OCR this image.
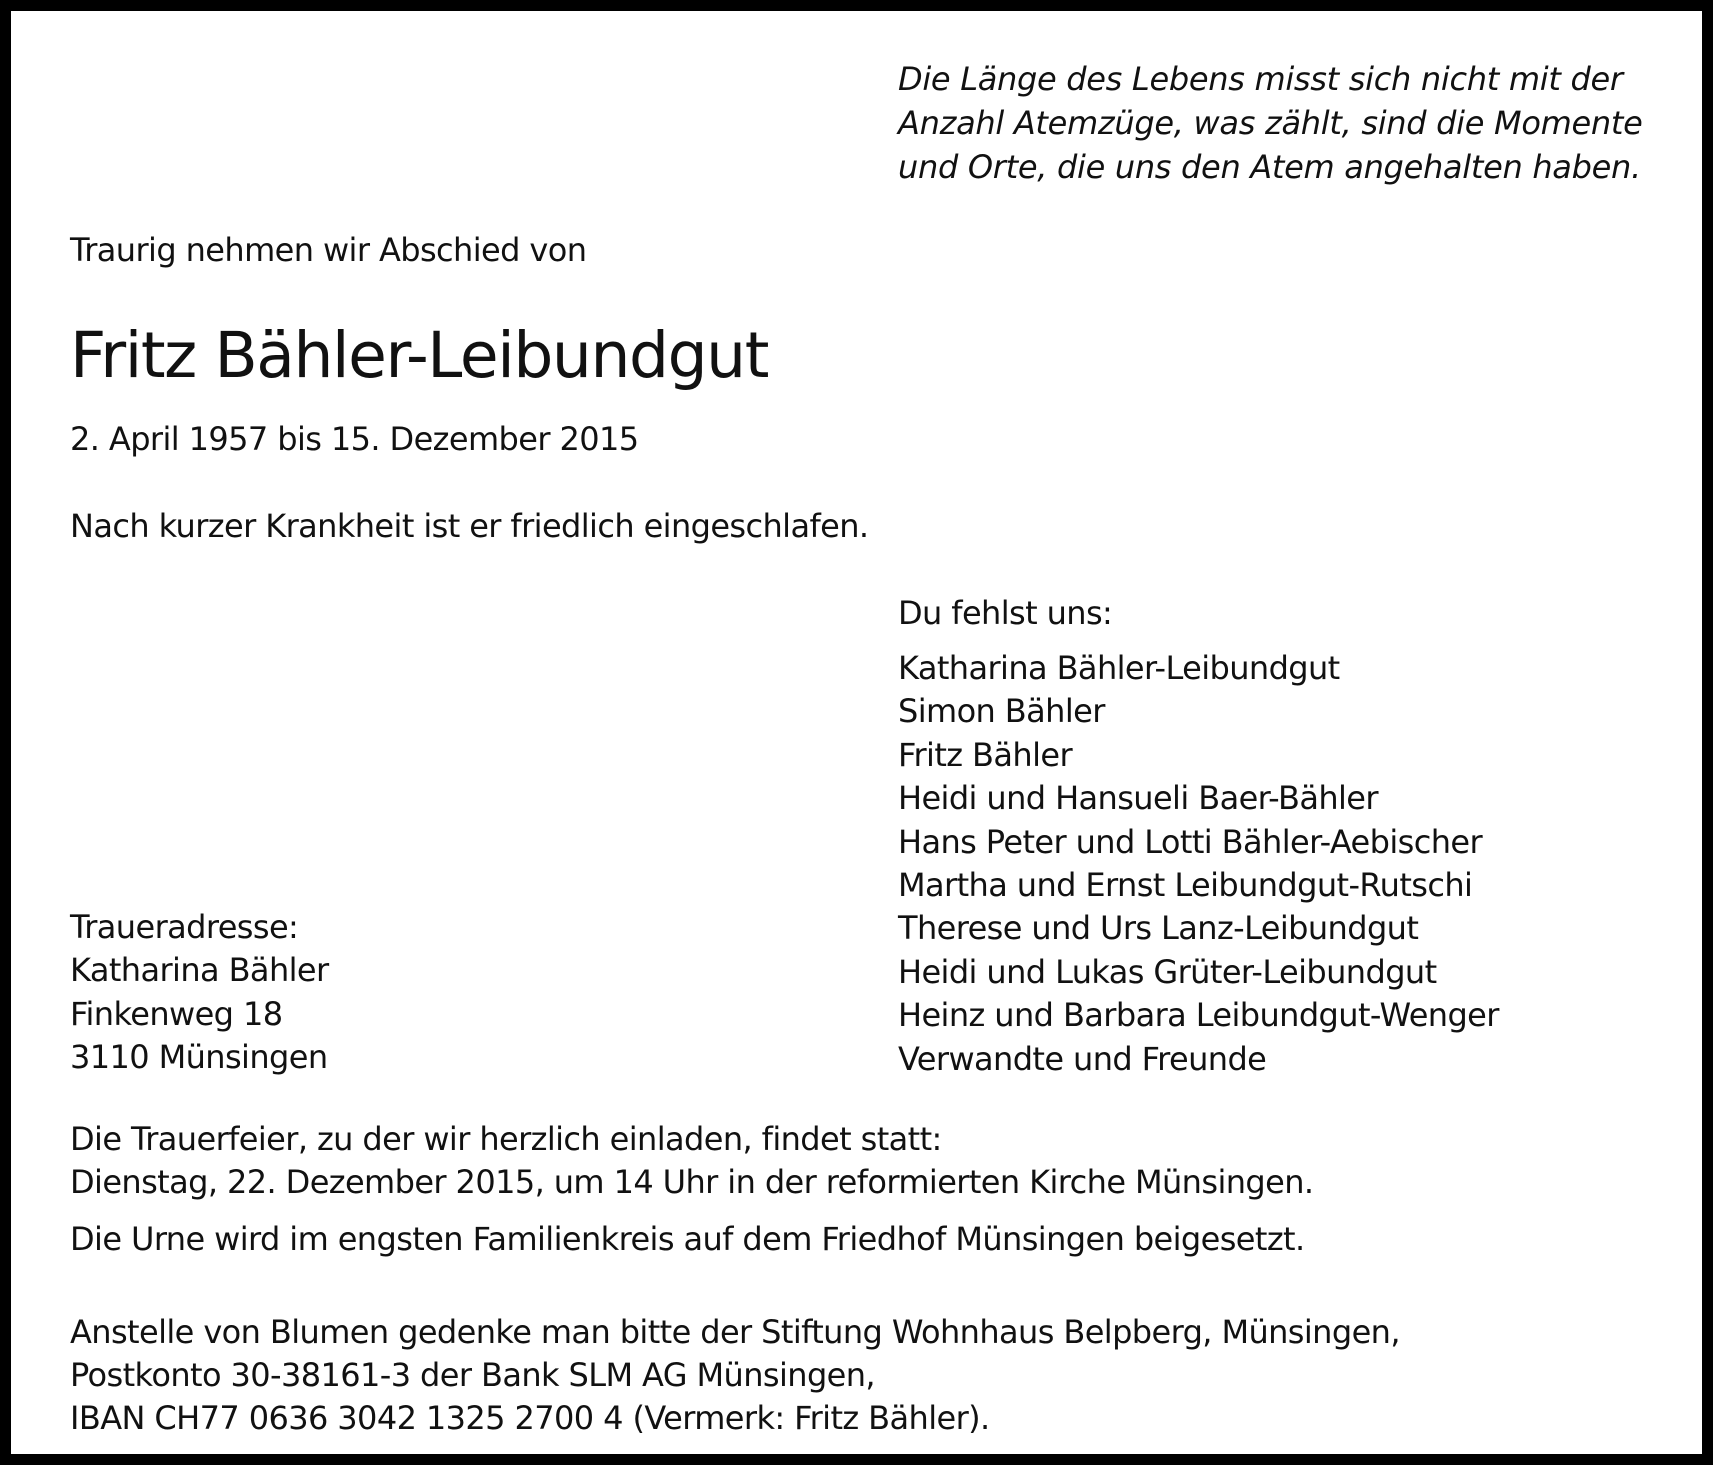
Die Länge des Lebens misst sich nicht mit der
Anzahl Atemzüge, was zählt, sind die Momente
und Orte, die uns den Atem angehalten haben.

Traurig nehmen wir Abschied von

Fritz Bähler-Leibundgut

2. April 1957 bis 15. Dezember 2015

Nach kurzer Krankheit ist er friedlich eingeschlafen.

Du fehlst uns:

Katharina Bähler-Leibundgut
Simon Bähler
Fritz Bähler
Heidi und Hansueli Baer-Bähler
Hans Peter und Lotti Bähler-Aebischer
Martha und Ernst Leibundgut-Rutschi
Therese und Urs Lanz-Leibundgut
Heidi und Lukas Grüter-Leibundgut
Heinz und Barbara Leibundgut-Wenger
Verwandte und Freunde
Traueradresse:
Katharina Bähler
Finkenweg 18
3110 Münsingen
Die Trauerfeier, zu der wir herzlich einladen, findet statt:
Dienstag, 22. Dezember 2015, um 14 Uhr in der reformierten Kirche Münsingen.

Die Urne wird im engsten Familienkreis auf dem Friedhof Münsingen beigesetzt.

Anstelle von Blumen gedenke man bitte der Stiftung Wohnhaus Belpberg, Münsingen,
Postkonto 30-38161-3 der Bank SLM AG Münsingen,
IBAN CH77 0636 3042 1325 2700 4 (Vermerk: Fritz Bähler).
